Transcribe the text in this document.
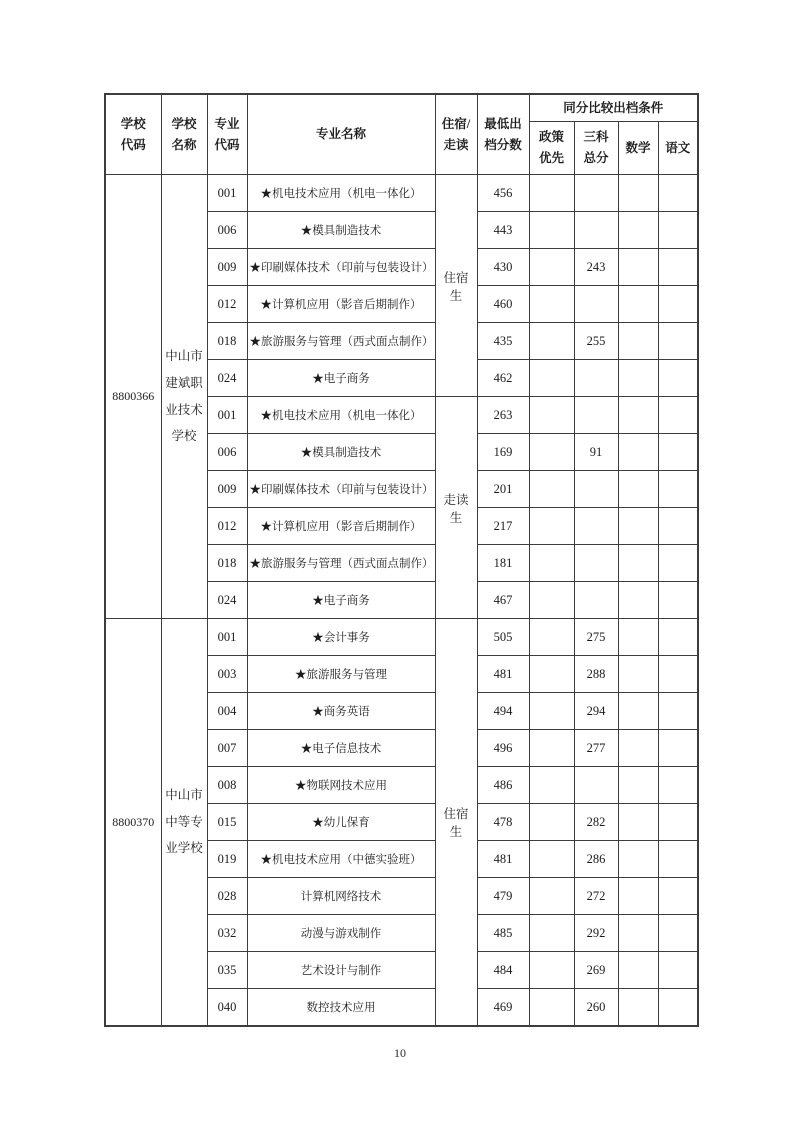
学校代码	学校名称	专业代码	专业名称	住宿/走读	最低出档分数	同分比较出档条件			

						政策优先	三科总分	数学	语文
8800366	中山市建斌职业技术学校	001	★机电技术应用（机电一体化）	住宿生	456				
		006	★模具制造技术		443				
		009	★印刷媒体技术（印前与包装设计）		430		243		
		012	★计算机应用（影音后期制作）		460				
		018	★旅游服务与管理（西式面点制作）		435		255		
		024	★电子商务		462				
		001	★机电技术应用（机电一体化）	走读生	263				
		006	★模具制造技术		169		91		
		009	★印刷媒体技术（印前与包装设计）		201				
		012	★计算机应用（影音后期制作）		217				
		018	★旅游服务与管理（西式面点制作）		181				
		024	★电子商务		467				
8800370	中山市中等专业学校	001	★会计事务	住宿生	505		275		
		003	★旅游服务与管理		481		288		
		004	★商务英语		494		294		
		007	★电子信息技术		496		277		
		008	★物联网技术应用		486				
		015	★幼儿保育		478		282		
		019	★机电技术应用（中德实验班）		481		286		
		028	计算机网络技术		479		272		
		032	动漫与游戏制作		485		292		
		035	艺术设计与制作		484		269		
		040	数控技术应用		469		260		
10
